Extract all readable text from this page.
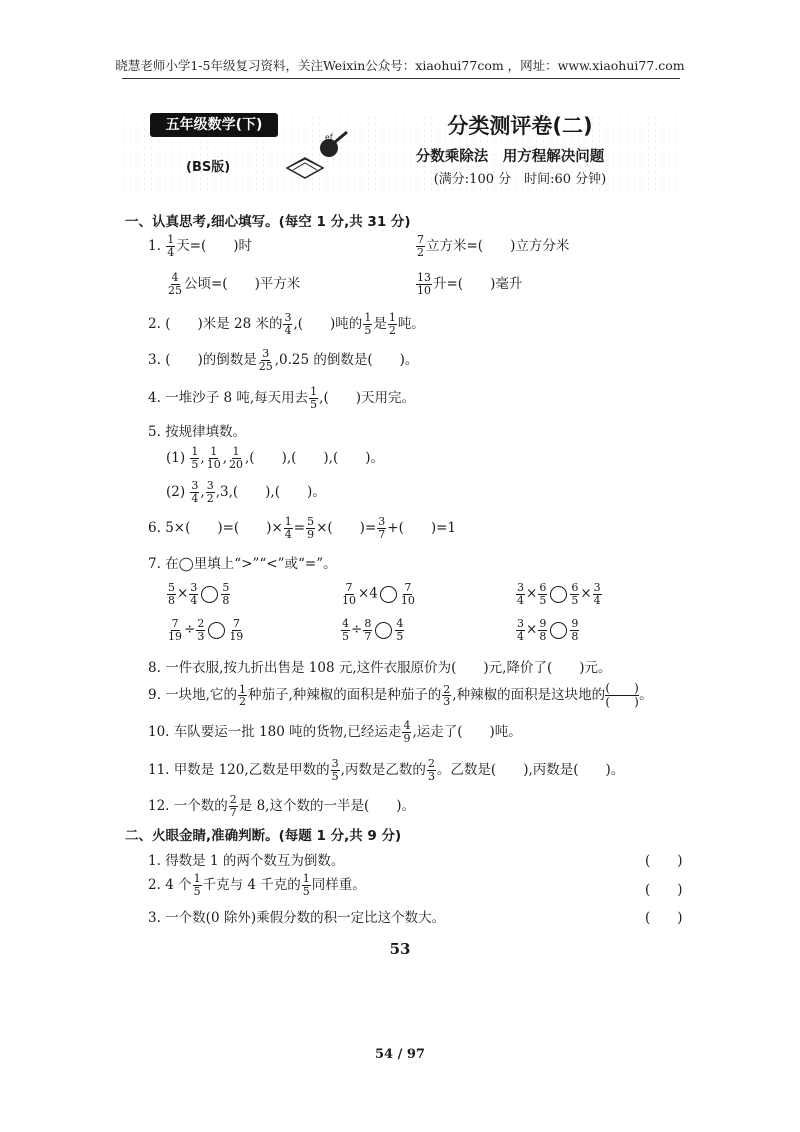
晓慧老师小学1-5年级复习资料，关注Weixin公众号：xiaohui77com ，网址：www.xiaohui77.com
五年级数学(下)
(BS版)
ef	分类测评卷(二)
分数乘除法　用方程解决问题
(满分:100 分　时间:60 分钟)
一、认真思考,细心填写。(每空 1 分,共 31 分)
1. $\frac{1}{4}$ 天=(　　)时	$\frac{7}{2}$ 立方米=(　　)立方分米
$\frac{4}{25}$ 公顷=(　　)平方米	$\frac{13}{10}$ 升=(　　)毫升
2. (　　)米是 28 米的 $\frac{3}{4}$ ,(　　)吨的 $\frac{1}{5}$ 是 $\frac{1}{2}$ 吨。
3. (　　)的倒数是 $\frac{3}{25} ,0.25$ 的倒数是(　　)。
4. 一堆沙子 8 吨,每天用去 $\frac{1}{5}$ ,(　　)天用完。
5. 按规律填数。
$(1) \frac{1}{5}$ , $\frac{1}{10}$ , $\frac{1}{20}$ ,(　　),(　　),(　　)。
$(2) \frac{3}{4}$ , $\frac{3}{2} ,3$,(　　),(　　)。
6. 5×(　　)=(　　)× $\frac{1}{4} = \frac{5}{9}$ ×(　　)= $\frac{3}{7}$ +(　　)=1
7. 在◯里填上“>”“<”或“=”。
$\frac{5}{8} \times \frac{3}{4} \frac{5}{8}$	$\frac{7}{10} \times 4 \frac{7}{10}$	$\frac{3}{4} \times \frac{6}{5} \frac{6}{5} \times \frac{3}{4}$
$\frac{7}{19} \div \frac{2}{3} \frac{7}{19}$	$\frac{4}{5} \div \frac{8}{7} \frac{4}{5}$	$\frac{3}{4} \times \frac{9}{8} \frac{9}{8}$
8. 一件衣服,按九折出售是 108 元,这件衣服原价为(　　)元,降价了(　　)元。
9. 一块地,它的 $\frac{1}{2}$ 种茄子,种辣椒的面积是种茄子的 $\frac{2}{3}$ ,种辣椒的面积是这块地的 (　　)
(　　) 。
10. 车队要运一批 180 吨的货物,已经运走 $\frac{4}{9}$ ,运走了(　　)吨。
11. 甲数是 120,乙数是甲数的 $\frac{3}{5}$ ,丙数是乙数的 $\frac{2}{3}$ 。乙数是(　　),丙数是(　　)。
12. 一个数的 $\frac{2}{7}$ 是 8,这个数的一半是(　　)。
二、火眼金睛,准确判断。(每题 1 分,共 9 分)
1. 得数是 1 的两个数互为倒数。	(　　)
2. 4 个 $\frac{1}{5}$ 千克与 4 千克的 $\frac{1}{5}$ 同样重。	(　　)
3. 一个数(0 除外)乘假分数的积一定比这个数大。	(　　)
53
54 / 97
